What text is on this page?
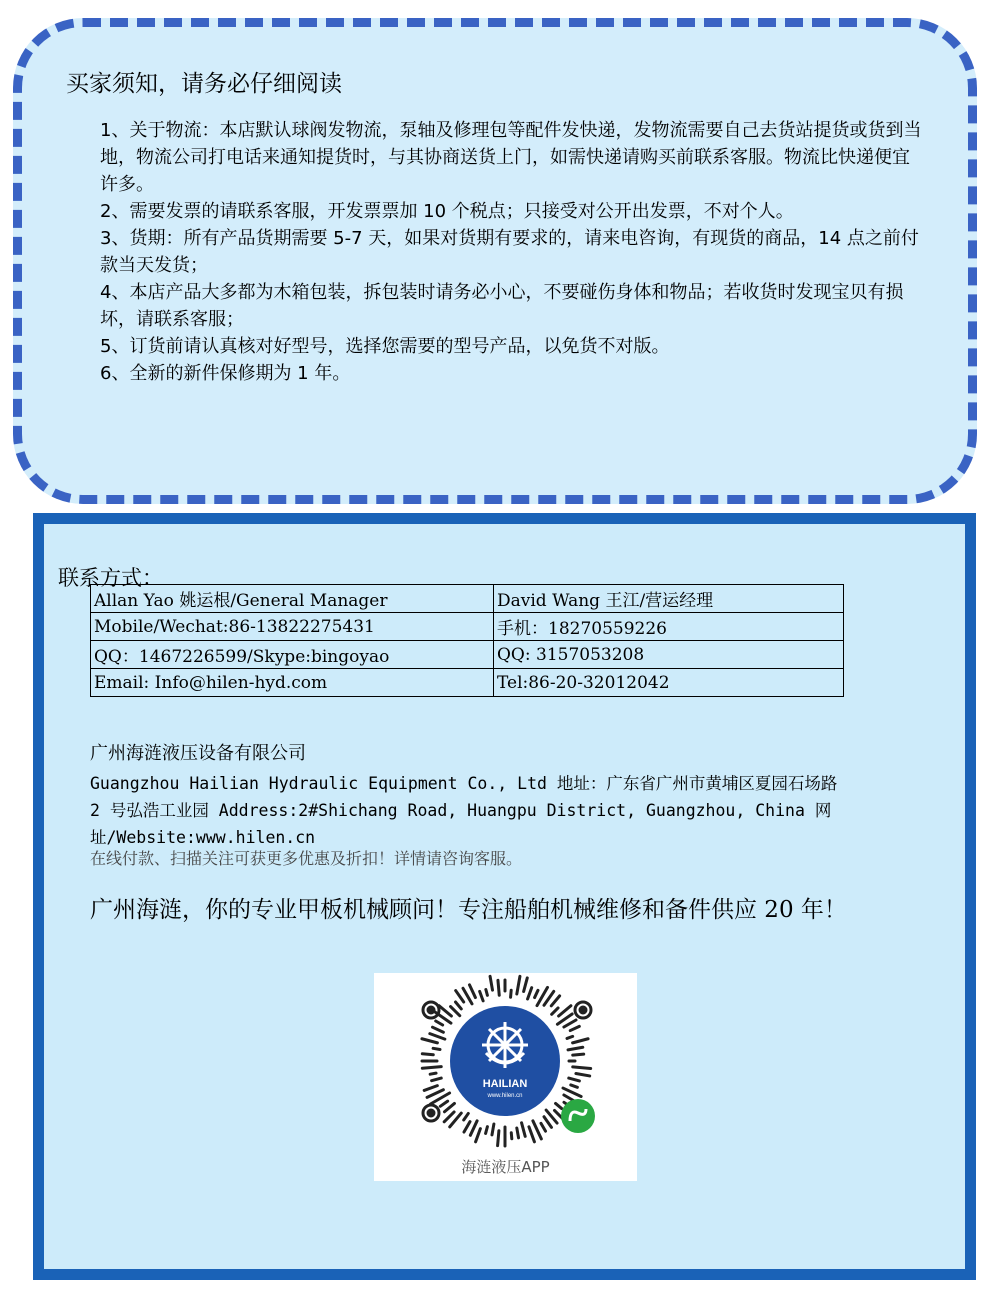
买家须知，请务必仔细阅读

1、关于物流：本店默认球阀发物流，泵轴及修理包等配件发快递，发物流需要自己去货站提货或货到当地，物流公司打电话来通知提货时，与其协商送货上门，如需快递请购买前联系客服。物流比快递便宜许多。

2、需要发票的请联系客服，开发票票加 10 个税点；只接受对公开出发票，不对个人。

3、货期：所有产品货期需要 5-7 天，如果对货期有要求的，请来电咨询，有现货的商品，14 点之前付款当天发货；

4、本店产品大多都为木箱包装，拆包装时请务必小心，不要碰伤身体和物品；若收货时发现宝贝有损坏，请联系客服；

5、订货前请认真核对好型号，选择您需要的型号产品，以免货不对版。

6、全新的新件保修期为 1 年。

联系方式：
Allan Yao 姚运根/General Manager	David Wang 王江/营运经理
Mobile/Wechat:86-13822275431	手机：18270559226
QQ：1467226599/Skype:bingoyao	QQ: 3157053208
Email: Info@hilen-hyd.com	Tel:86-20-32012042
广州海涟液压设备有限公司
Guangzhou Hailian Hydraulic Equipment Co., Ltd 地址：广东省广州市黄埔区夏园石场路 2 号弘浩工业园 Address:2#Shichang Road, Huangpu District, Guangzhou, China 网址/Website:www.hilen.cn
在线付款、扫描关注可获更多优惠及折扣！详情请咨询客服。
广州海涟，你的专业甲板机械顾问！专注船舶机械维修和备件供应 20 年！
HAILIAN
www.hilen.cn
海涟液压APP
